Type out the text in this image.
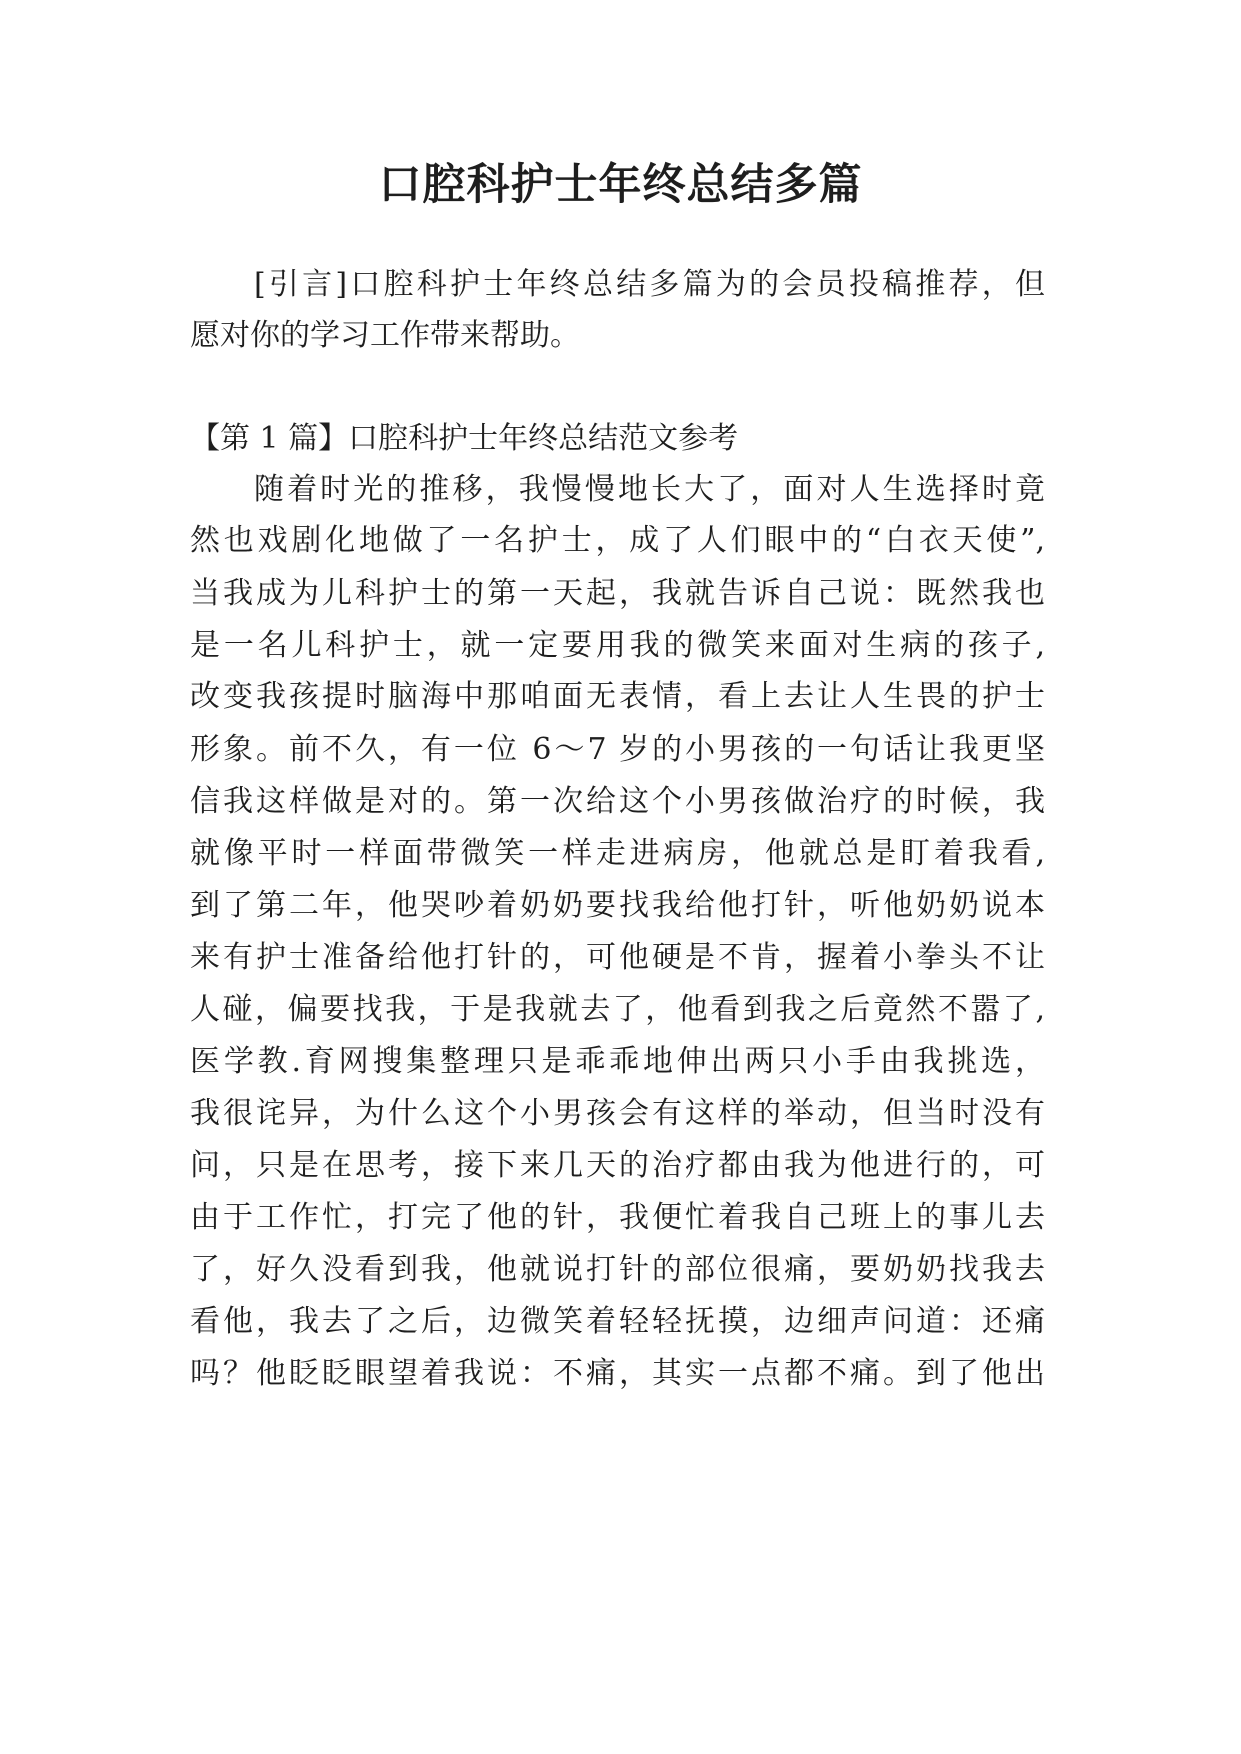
口腔科护士年终总结多篇

[引言]口腔科护士年终总结多篇为的会员投稿推荐，但

愿对你的学习工作带来帮助。

【第 1 篇】口腔科护士年终总结范文参考

随着时光的推移，我慢慢地长大了，面对人生选择时竟

然也戏剧化地做了一名护士，成了人们眼中的“白衣天使”,

当我成为儿科护士的第一天起，我就告诉自己说：既然我也

是一名儿科护士，就一定要用我的微笑来面对生病的孩子,

改变我孩提时脑海中那咱面无表情，看上去让人生畏的护士

形象。前不久，有一位 6～7 岁的小男孩的一句话让我更坚

信我这样做是对的。第一次给这个小男孩做治疗的时候，我

就像平时一样面带微笑一样走进病房，他就总是盯着我看,

到了第二年，他哭吵着奶奶要找我给他打针，听他奶奶说本

来有护士准备给他打针的，可他硬是不肯，握着小拳头不让

人碰，偏要找我，于是我就去了，他看到我之后竟然不嚣了,

医学教.育网搜集整理只是乖乖地伸出两只小手由我挑选，

我很诧异，为什么这个小男孩会有这样的举动，但当时没有

问，只是在思考，接下来几天的治疗都由我为他进行的，可

由于工作忙，打完了他的针，我便忙着我自己班上的事儿去

了，好久没看到我，他就说打针的部位很痛，要奶奶找我去

看他，我去了之后，边微笑着轻轻抚摸，边细声问道：还痛

吗？他眨眨眼望着我说：不痛，其实一点都不痛。到了他出
